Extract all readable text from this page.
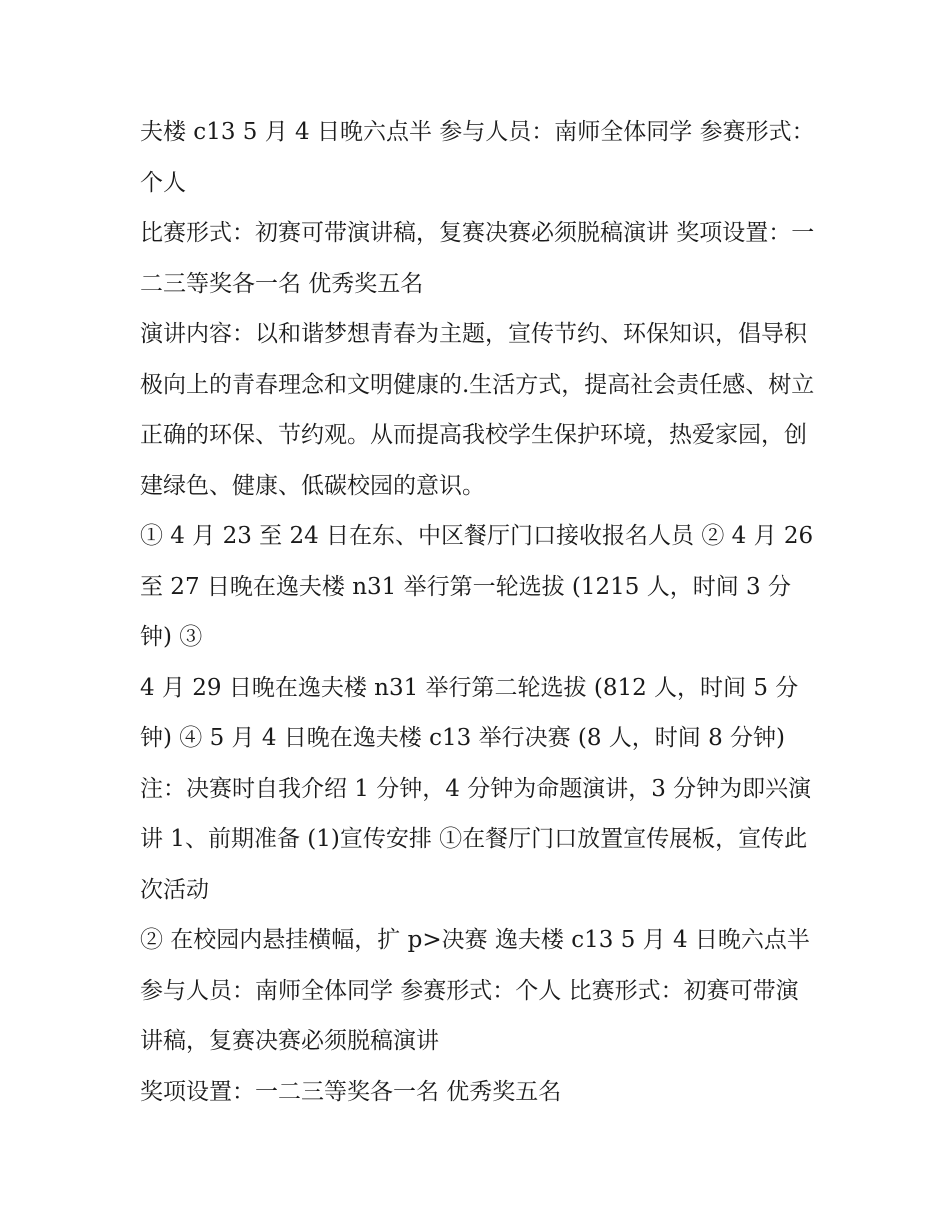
夫楼 c13 5 月 4 日晚六点半 参与人员：南师全体同学 参赛形式：个人

比赛形式：初赛可带演讲稿，复赛决赛必须脱稿演讲 奖项设置：一二三等奖各一名 优秀奖五名

演讲内容：以和谐梦想青春为主题，宣传节约、环保知识，倡导积极向上的青春理念和文明健康的.生活方式，提高社会责任感、树立正确的环保、节约观。从而提高我校学生保护环境，热爱家园，创建绿色、健康、低碳校园的意识。

① 4 月 23 至 24 日在东、中区餐厅门口接收报名人员 ② 4 月 26 至 27 日晚在逸夫楼 n31 举行第一轮选拔 (1215 人，时间 3 分钟) ③

4 月 29 日晚在逸夫楼 n31 举行第二轮选拔 (812 人，时间 5 分钟) ④ 5 月 4 日晚在逸夫楼 c13 举行决赛 (8 人，时间 8 分钟)

注：决赛时自我介绍 1 分钟，4 分钟为命题演讲，3 分钟为即兴演讲 1、前期准备 (1)宣传安排 ①在餐厅门口放置宣传展板，宣传此次活动

② 在校园内悬挂横幅，扩 p>决赛 逸夫楼 c13 5 月 4 日晚六点半 参与人员：南师全体同学 参赛形式：个人 比赛形式：初赛可带演讲稿，复赛决赛必须脱稿演讲

奖项设置：一二三等奖各一名 优秀奖五名
